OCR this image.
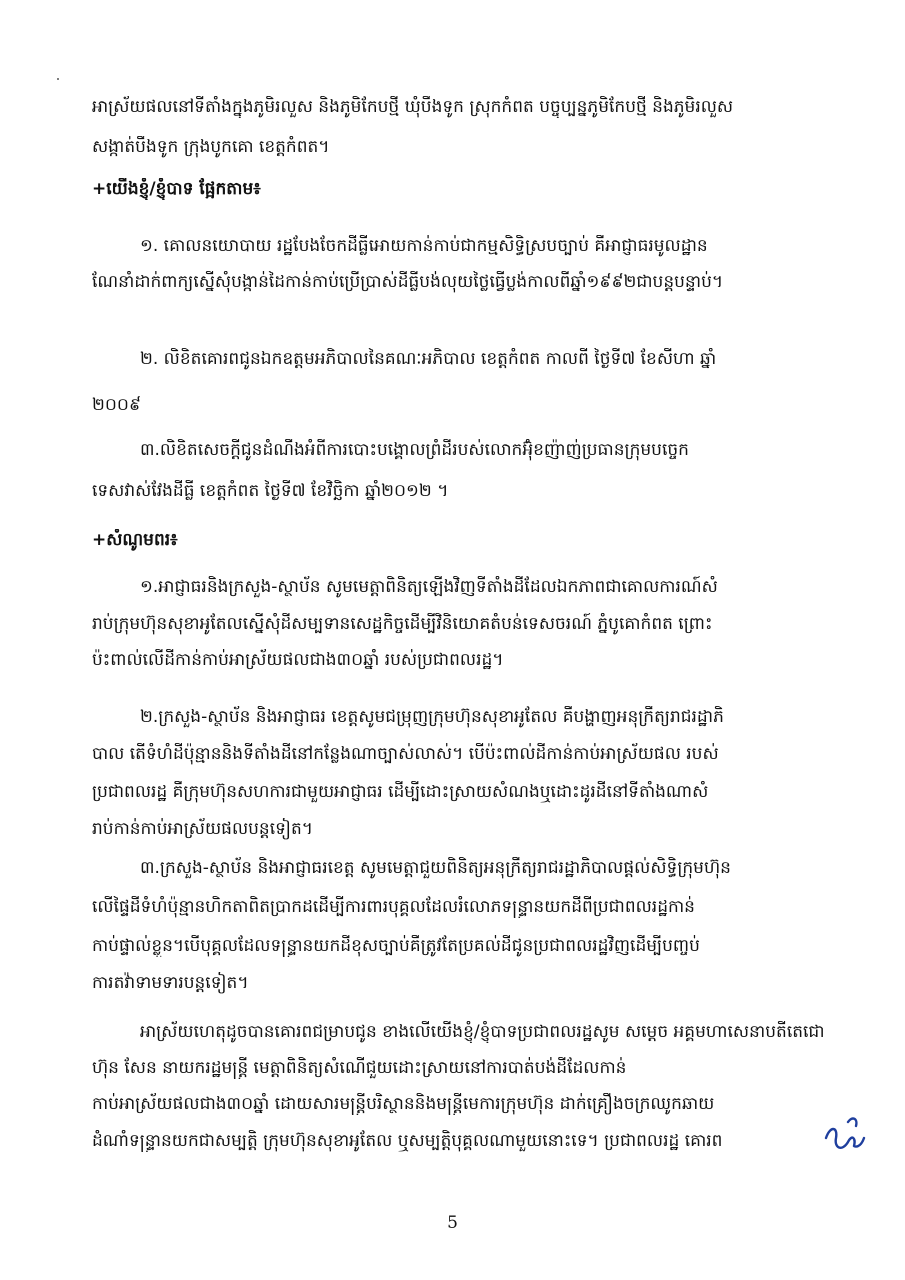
អាស្រ័យផលនៅទីតាំងក្នុងភូមិរលួស និងភូមិកែបថ្មី ឃុំបឹងទូក ស្រុកកំពត បច្ចុប្បន្នភូមិកែបថ្មី និងភូមិរលួស
សង្កាត់បឹងទូក ក្រុងបូកគោ ខេត្តកំពត។
+យើងខ្ញុំ/ខ្ញុំបាទ ផ្អែកតាម៖
១. គោលនយោបាយ រដ្ឋបែងចែកដីធ្លីអោយកាន់កាប់ជាកម្មសិទ្ធិស្របច្បាប់ គឺអាជ្ញាធរមូលដ្ឋាន
ណែនាំដាក់ពាក្យស្នើសុំបង្កាន់ដៃកាន់កាប់ប្រើប្រាស់ដីធ្លីបង់លុយថ្លៃធ្វើប្លង់កាលពីឆ្នាំ១៩៩២ជាបន្តបន្ទាប់។
២. លិខិតគោរពជូនឯកឧត្តមអភិបាលនៃគណៈអភិបាល ខេត្តកំពត កាលពី ថ្ងៃទី៧ ខែសីហា ឆ្នាំ
២០០៩
៣.លិខិតសេចក្តីជូនដំណឹងអំពីការបោះបង្គោលព្រំដីរបស់លោកអ៊ុំខញ៉ាញ់ប្រធានក្រុមបច្ចេក
ទេសវាស់វែងដីធ្លី ខេត្តកំពត ថ្ងៃទី៧ ខែវិច្ឆិកា ឆ្នាំ២០១២ ។
+សំណូមពរ៖
១.អាជ្ញាធរនិងក្រសួង-ស្ថាប័ន សូមមេត្តាពិនិត្យឡើងវិញទីតាំងដីដែលឯកភាពជាគោលការណ៍សំ
រាប់ក្រុមហ៊ុនសុខាអូតែលស្នើសុំដីសម្បទានសេដ្ឋកិច្ចដើម្បីវិនិយោគតំបន់ទេសចរណ៍ ភ្នំបូគោកំពត ព្រោះ
ប៉ះពាល់លើដីកាន់កាប់អាស្រ័យផលជាង៣០ឆ្នាំ របស់ប្រជាពលរដ្ឋ។
២.ក្រសួង-ស្ថាប័ន និងអាជ្ញាធរ ខេត្តសូមជម្រុញក្រុមហ៊ុនសុខាអូតែល គឺបង្ហាញអនុក្រឹត្យរាជរដ្ឋាភិ
បាល តើទំហំដីប៉ុន្មាននិងទីតាំងដីនៅកន្លែងណាច្បាស់លាស់។ បើប៉ះពាល់ដីកាន់កាប់អាស្រ័យផល របស់
ប្រជាពលរដ្ឋ គឺក្រុមហ៊ុនសហការជាមួយអាជ្ញាធរ ដើម្បីដោះស្រាយសំណងឬដោះដូរដីនៅទីតាំងណាសំ
រាប់កាន់កាប់អាស្រ័យផលបន្តទៀត។
៣.ក្រសួង-ស្ថាប័ន និងអាជ្ញាធរខេត្ត សូមមេត្តាជួយពិនិត្យអនុក្រឹត្យរាជរដ្ឋាភិបាលផ្តល់សិទ្ធិក្រុមហ៊ុន
លើផ្ទៃដីទំហំប៉ុន្មានហិកតាពិតប្រាកដដើម្បីការពារបុគ្គលដែលរំលោភទន្ទ្រានយកដីពីប្រជាពលរដ្ឋកាន់
កាប់ផ្ទាល់ខ្លួន។បើបុគ្គលដែលទន្ទ្រានយកដីខុសច្បាប់គឺត្រូវតែប្រគល់ដីជូនប្រជាពលរដ្ឋវិញដើម្បីបញ្ចប់
ការតវ៉ាទាមទារបន្តទៀត។
អាស្រ័យហេតុដូចបានគោរពជម្រាបជូន ខាងលើយើងខ្ញុំ/ខ្ញុំបាទប្រជាពលរដ្ឋសូម សម្តេច អគ្គមហាសេនាបតីតេជោ
ហ៊ុន សែន នាយករដ្ឋមន្ត្រី មេត្តាពិនិត្យសំណើជួយដោះស្រាយនៅការបាត់បង់ដីដែលកាន់
កាប់អាស្រ័យផលជាង៣០ឆ្នាំ ដោយសារមន្ត្រីបរិស្ថាននិងមន្ត្រីមេការក្រុមហ៊ុន ដាក់គ្រឿងចក្រឈូកឆាយ
ដំណាំទន្ទ្រានយកជាសម្បត្តិ ក្រុមហ៊ុនសុខាអូតែល ឬសម្បត្តិបុគ្គលណាមួយនោះទេ។ ប្រជាពលរដ្ឋ គោរព
5
